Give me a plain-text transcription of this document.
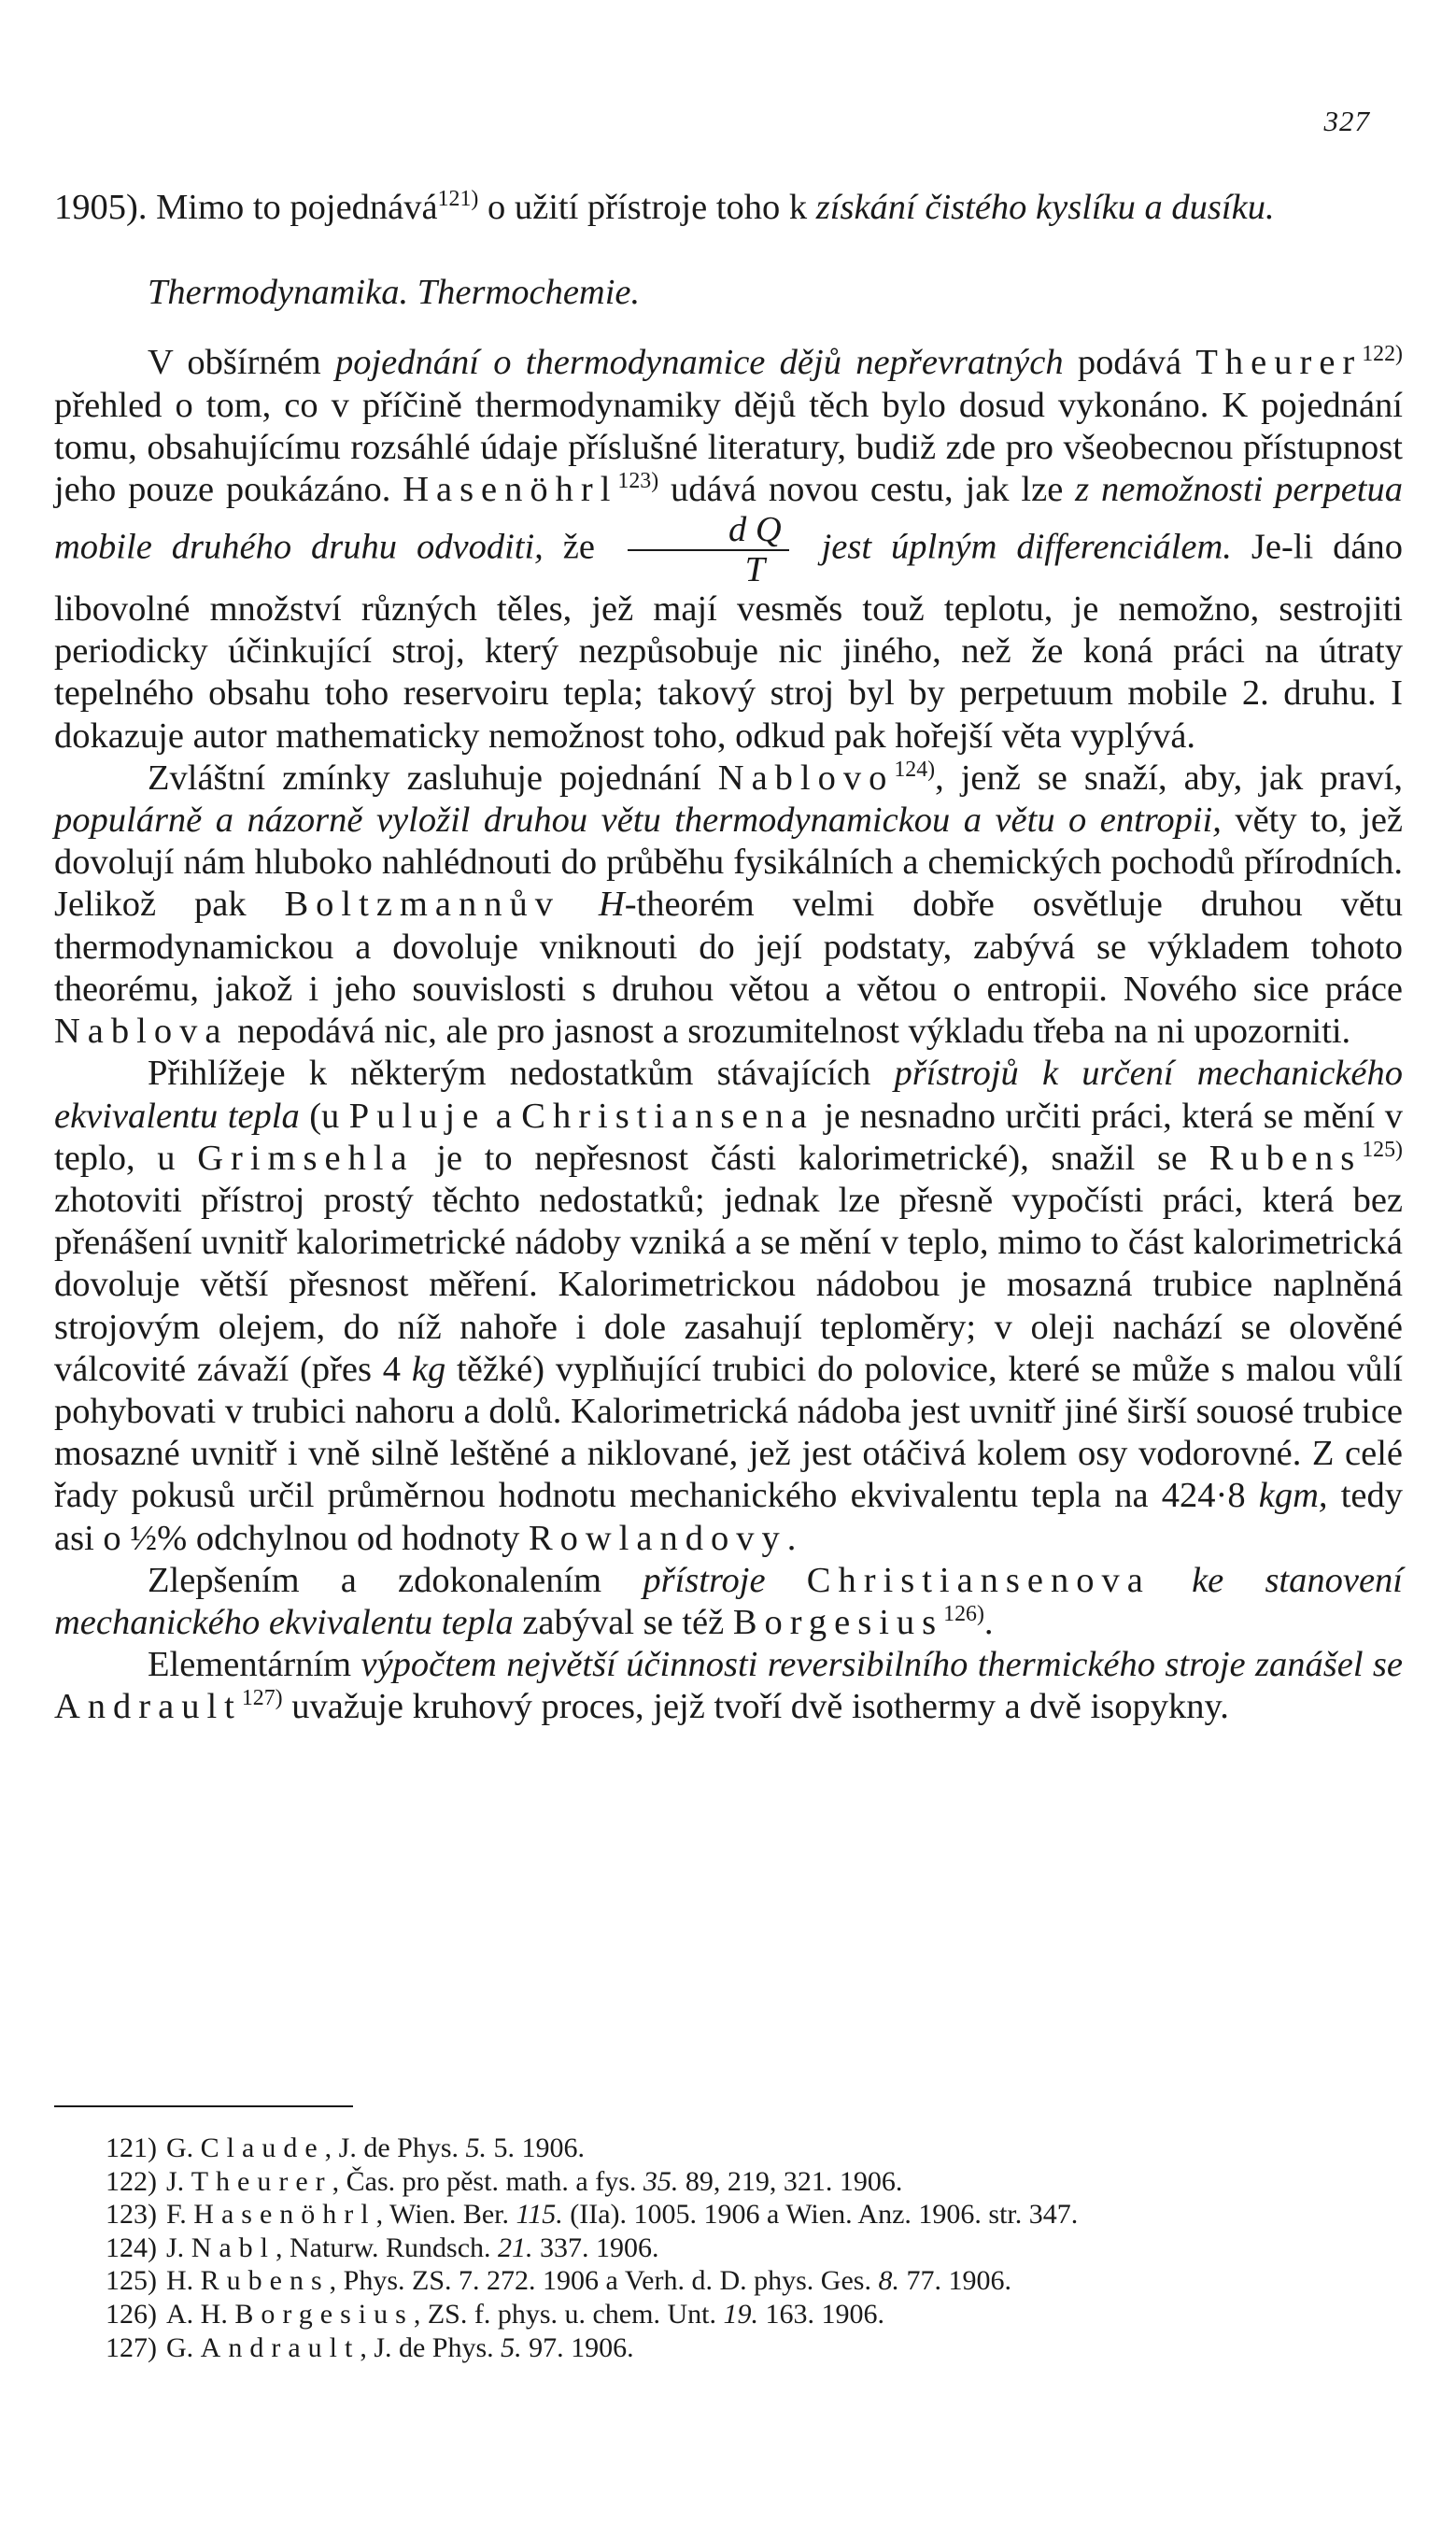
327

1905). Mimo to pojednává$^{121)}$ o užití přístroje toho k získání čistého kyslíku a dusíku.

Thermodynamika. Thermochemie.

V obšírném pojednání o thermodynamice dějů nepřevratných podává Theurer$^{122)}$ přehled o tom, co v příčině thermodynamiky dějů těch bylo dosud vykonáno. K pojednání tomu, obsahujícímu rozsáhlé údaje příslušné literatury, budiž zde pro všeobecnou přístupnost jeho pouze poukázáno. Hasenöhrl$^{123)}$ udává novou cestu, jak lze z nemožnosti perpetua mobile druhého druhu odvoditi, že $\frac{\text{d Q}}{T}$ jest úplným differenciálem. Je-li dáno libovolné množství různých těles, jež mají vesměs touž teplotu, je nemožno, sestrojiti periodicky účinkující stroj, který nezpůsobuje nic jiného, než že koná práci na útraty tepelného obsahu toho reservoiru tepla; takový stroj byl by perpetuum mobile 2. druhu. I dokazuje autor mathematicky nemožnost toho, odkud pak hořejší věta vyplývá.

Zvláštní zmínky zasluhuje pojednání Nablovo$^{124)}$, jenž se snaží, aby, jak praví, populárně a názorně vyložil druhou větu thermodynamickou a větu o entropii, věty to, jež dovolují nám hluboko nahlédnouti do průběhu fysikálních a chemických pochodů přírodních. Jelikož pak Boltzmannův H-theorém velmi dobře osvětluje druhou větu thermodynamickou a dovoluje vniknouti do její podstaty, zabývá se výkladem tohoto theorému, jakož i jeho souvislosti s druhou větou a větou o entropii. Nového sice práce Nablova nepodává nic, ale pro jasnost a srozumitelnost výkladu třeba na ni upozorniti.

Přihlížeje k některým nedostatkům stávajících přístrojů k určení mechanického ekvivalentu tepla (u Puluje a Christiansena je nesnadno určiti práci, která se mění v teplo, u Grimsehla je to nepřesnost části kalorimetrické), snažil se Rubens$^{125)}$ zhotoviti přístroj prostý těchto nedostatků; jednak lze přesně vypočísti práci, která bez přenášení uvnitř kalorimetrické nádoby vzniká a se mění v teplo, mimo to část kalorimetrická dovoluje větší přesnost měření. Kalorimetrickou nádobou je mosazná trubice naplněná strojovým olejem, do níž nahoře i dole zasahují teploměry; v oleji nachází se olověné válcovité závaží (přes 4 kg těžké) vyplňující trubici do polovice, které se může s malou vůlí pohybovati v trubici nahoru a dolů. Kalorimetrická nádoba jest uvnitř jiné širší souosé trubice mosazné uvnitř i vně silně leštěné a niklované, jež jest otáčivá kolem osy vodorovné. Z celé řady pokusů určil průměrnou hodnotu mechanického ekvivalentu tepla na 424·8 kgm, tedy asi o ½% odchylnou od hodnoty Rowlandovy.

Zlepšením a zdokonalením přístroje Christiansenova ke stanovení mechanického ekvivalentu tepla zabýval se též Borgesius$^{126)}$.

Elementárním výpočtem největší účinnosti reversibilního thermického stroje zanášel se Andrault$^{127)}$ uvažuje kruhový proces, jejž tvoří dvě isothermy a dvě isopykny.

121) G. Claude, J. de Phys. 5. 5. 1906.

122) J. Theurer, Čas. pro pěst. math. a fys. 35. 89, 219, 321. 1906.

123) F. Hasenöhrl, Wien. Ber. 115. (IIa). 1005. 1906 a Wien. Anz. 1906. str. 347.

124) J. Nabl, Naturw. Rundsch. 21. 337. 1906.

125) H. Rubens, Phys. ZS. 7. 272. 1906 a Verh. d. D. phys. Ges. 8. 77. 1906.

126) A. H. Borgesius, ZS. f. phys. u. chem. Unt. 19. 163. 1906.

127) G. Andrault, J. de Phys. 5. 97. 1906.
